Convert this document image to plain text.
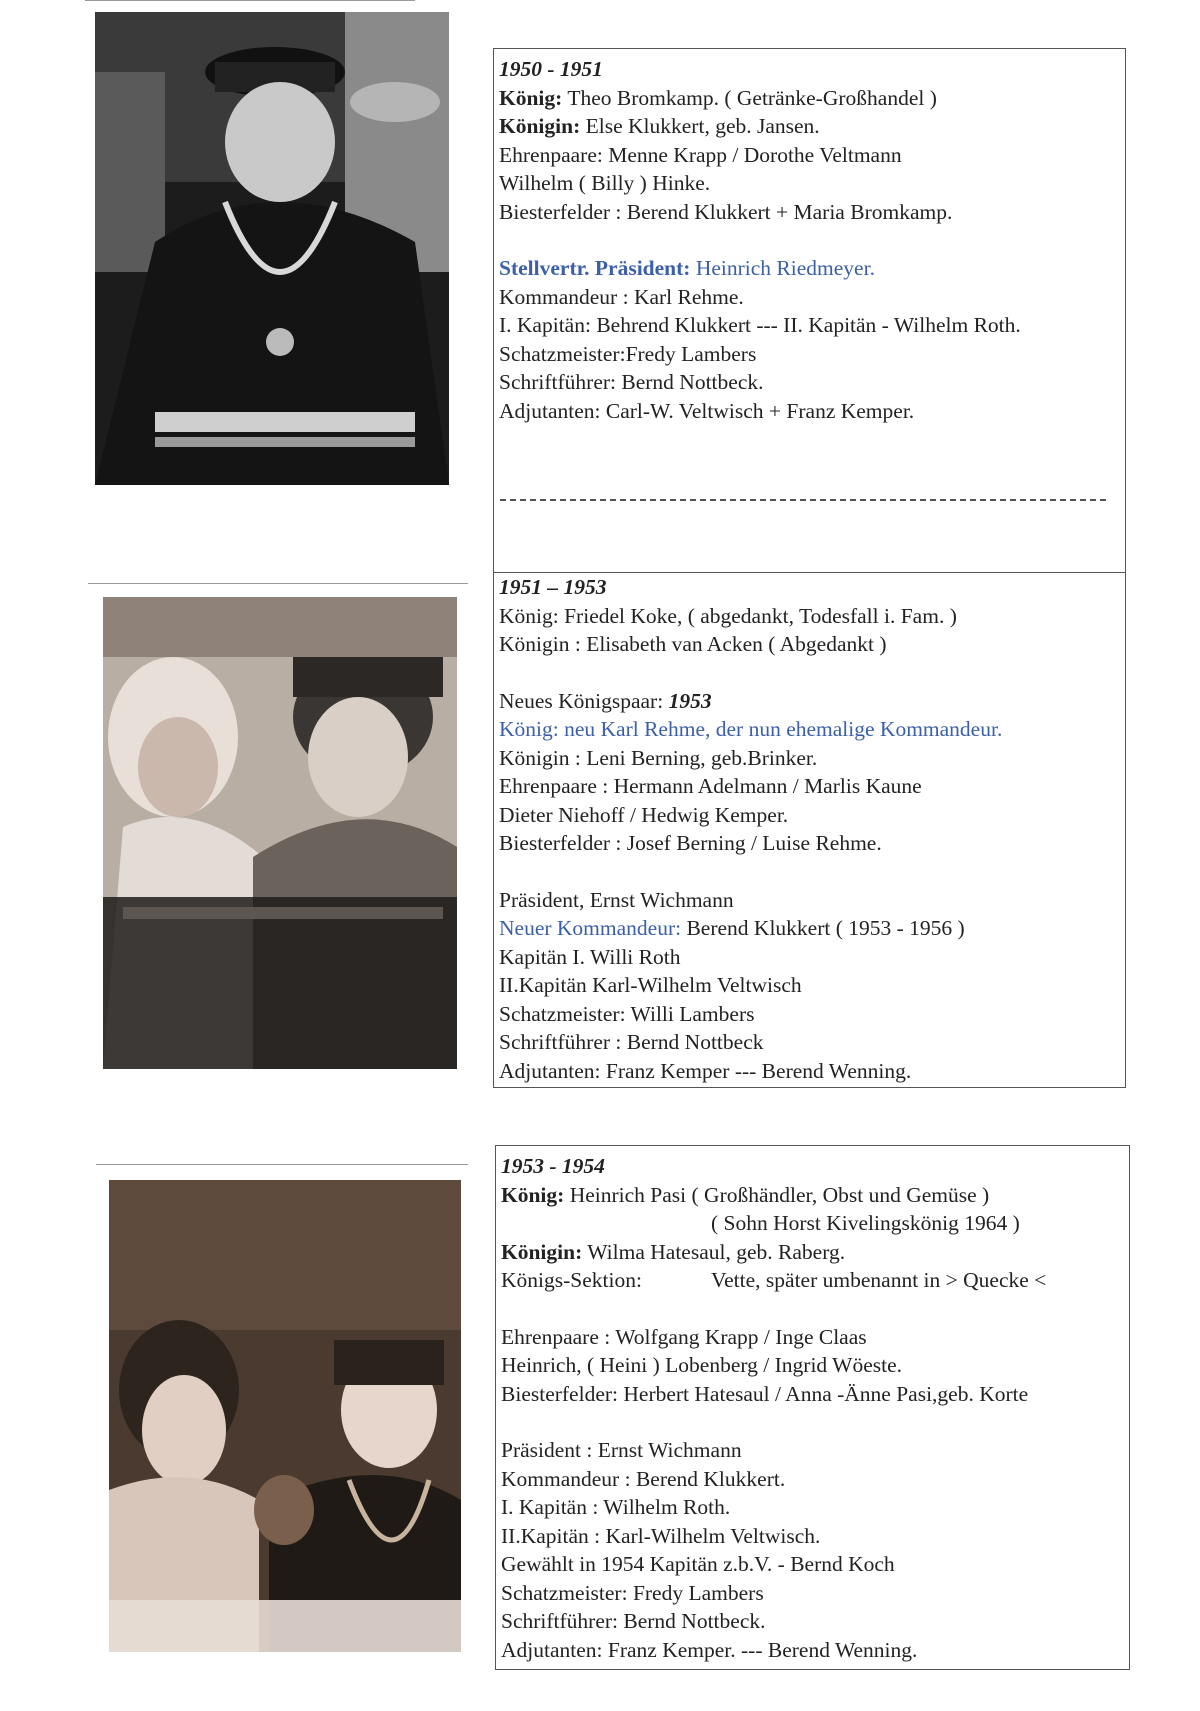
1950 - 1951
König: Theo Bromkamp. ( Getränke-Großhandel )
Königin: Else Klukkert, geb. Jansen.
Ehrenpaare: Menne Krapp / Dorothe Veltmann
Wilhelm ( Billy ) Hinke.
Biesterfelder : Berend Klukkert + Maria Bromkamp.
Stellvertr. Präsident: Heinrich Riedmeyer.
Kommandeur : Karl Rehme.
I. Kapitän: Behrend Klukkert --- II. Kapitän - Wilhelm Roth.
Schatzmeister:Fredy Lambers
Schriftführer: Bernd Nottbeck.
Adjutanten: Carl-W. Veltwisch + Franz Kemper.
1951 – 1953
König: Friedel Koke, ( abgedankt, Todesfall i. Fam. )
Königin : Elisabeth van Acken ( Abgedankt )
Neues Königspaar: 1953
König: neu Karl Rehme, der nun ehemalige Kommandeur.
Königin : Leni Berning, geb.Brinker.
Ehrenpaare : Hermann Adelmann / Marlis Kaune
Dieter Niehoff / Hedwig Kemper.
Biesterfelder : Josef Berning / Luise Rehme.
Präsident, Ernst Wichmann
Neuer Kommandeur: Berend Klukkert ( 1953 - 1956 )
Kapitän I. Willi Roth
II.Kapitän Karl-Wilhelm Veltwisch
Schatzmeister: Willi Lambers
Schriftführer : Bernd Nottbeck
Adjutanten: Franz Kemper --- Berend Wenning.
1953 - 1954
König: Heinrich Pasi ( Großhändler, Obst und Gemüse )
( Sohn Horst Kivelingskönig 1964 )
Königin: Wilma Hatesaul, geb. Raberg.
Königs-Sektion:	Vette, später umbenannt in > Quecke <
Ehrenpaare : Wolfgang Krapp / Inge Claas
Heinrich, ( Heini ) Lobenberg / Ingrid Wöeste.
Biesterfelder: Herbert Hatesaul / Anna -Änne Pasi,geb. Korte
Präsident : Ernst Wichmann
Kommandeur : Berend Klukkert.
I. Kapitän : Wilhelm Roth.
II.Kapitän : Karl-Wilhelm Veltwisch.
Gewählt in 1954 Kapitän z.b.V. - Bernd Koch
Schatzmeister: Fredy Lambers
Schriftführer: Bernd Nottbeck.
Adjutanten: Franz Kemper. --- Berend Wenning.
